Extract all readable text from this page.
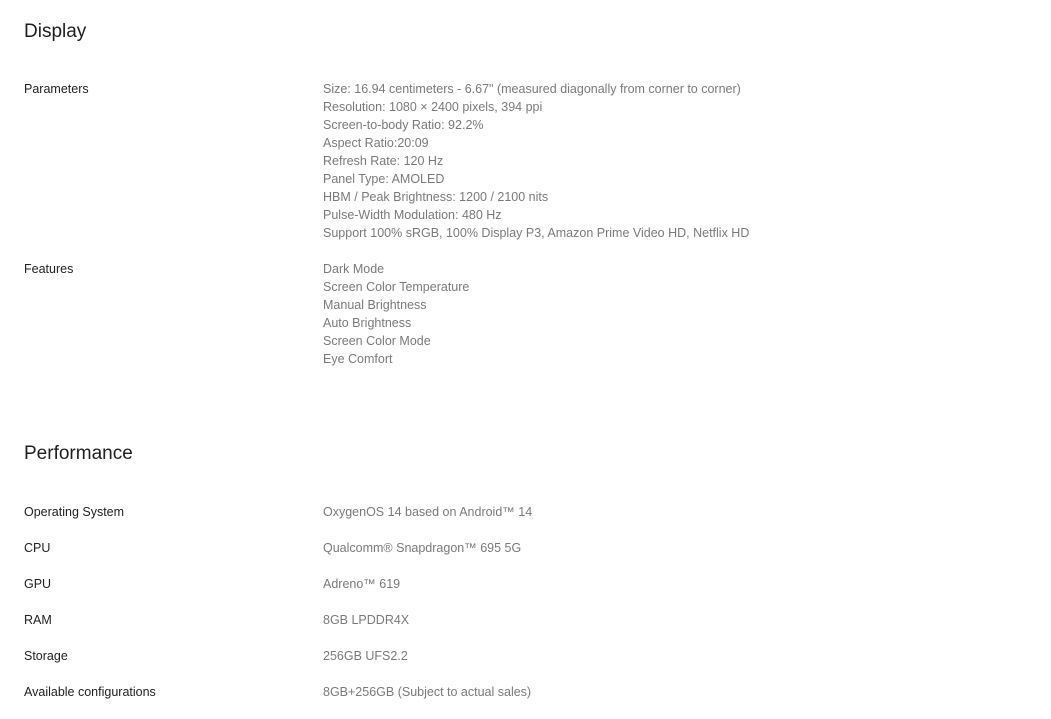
Display
Parameters	Size: 16.94 centimeters - 6.67" (measured diagonally from corner to corner)
Resolution: 1080 × 2400 pixels, 394 ppi
Screen-to-body Ratio: 92.2%
Aspect Ratio:20:09
Refresh Rate: 120 Hz
Panel Type: AMOLED
HBM / Peak Brightness: 1200 / 2100 nits
Pulse-Width Modulation: 480 Hz
Support 100% sRGB, 100% Display P3, Amazon Prime Video HD, Netflix HD
Features	Dark Mode
Screen Color Temperature
Manual Brightness
Auto Brightness
Screen Color Mode
Eye Comfort
Performance
Operating System	OxygenOS 14 based on Android™ 14
CPU	Qualcomm® Snapdragon™ 695 5G
GPU	Adreno™ 619
RAM	8GB LPDDR4X
Storage	256GB UFS2.2
Available configurations	8GB+256GB (Subject to actual sales)
